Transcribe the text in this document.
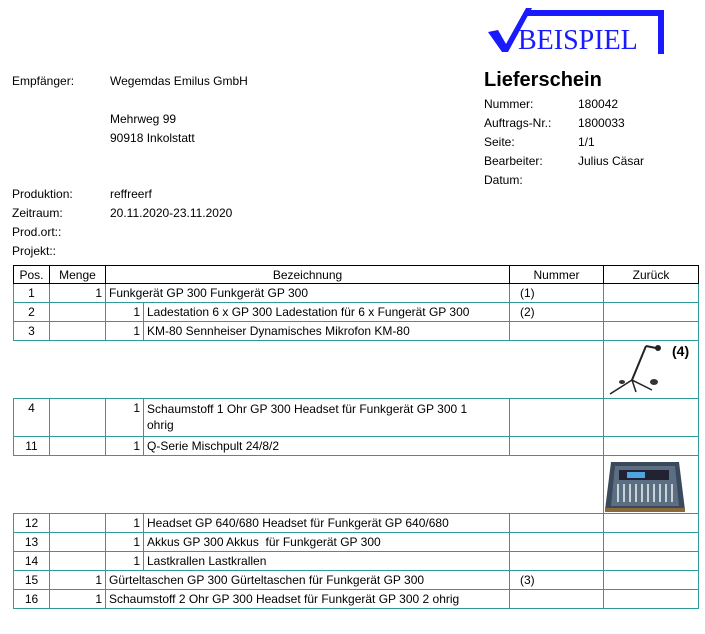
BEISPIEL
Empfänger:	Wegemdas Emilus GmbH
Mehrweg 99
90918 Inkolstatt
Lieferschein
Nummer:	180042
Auftrags-Nr.: 1800033
Seite:	1/1
Bearbeiter:	Julius Cäsar
Datum:
Produktion:	reffreerf
Zeitraum:	20.11.2020-23.11.2020
Prod.ort::
Projekt::
Pos.	Menge	Bezeichnung		Nummer	Zurück
1	1	Funkgerät GP 300 Funkgerät GP 300		(1)	
2		1	Ladestation 6 x GP 300 Ladestation für 6 x Fungerät GP 300	(2)	
3		1	KM-80 Sennheiser Dynamisches Mikrofon KM-80		

					(4)

4		1	Schaumstoff 1 Ohr GP 300 Headset für Funkgerät GP 300 1
ohrig		
11		1	Q-Serie Mischpult 24/8/2		

12		1	Headset GP 640/680 Headset für Funkgerät GP 640/680		
13		1	Akkus GP 300 Akkus  für Funkgerät GP 300		
14		1	Lastkrallen Lastkrallen		
15	1	Gürteltaschen GP 300 Gürteltaschen für Funkgerät GP 300		(3)	
16	1	Schaumstoff 2 Ohr GP 300 Headset für Funkgerät GP 300 2 ohrig			
